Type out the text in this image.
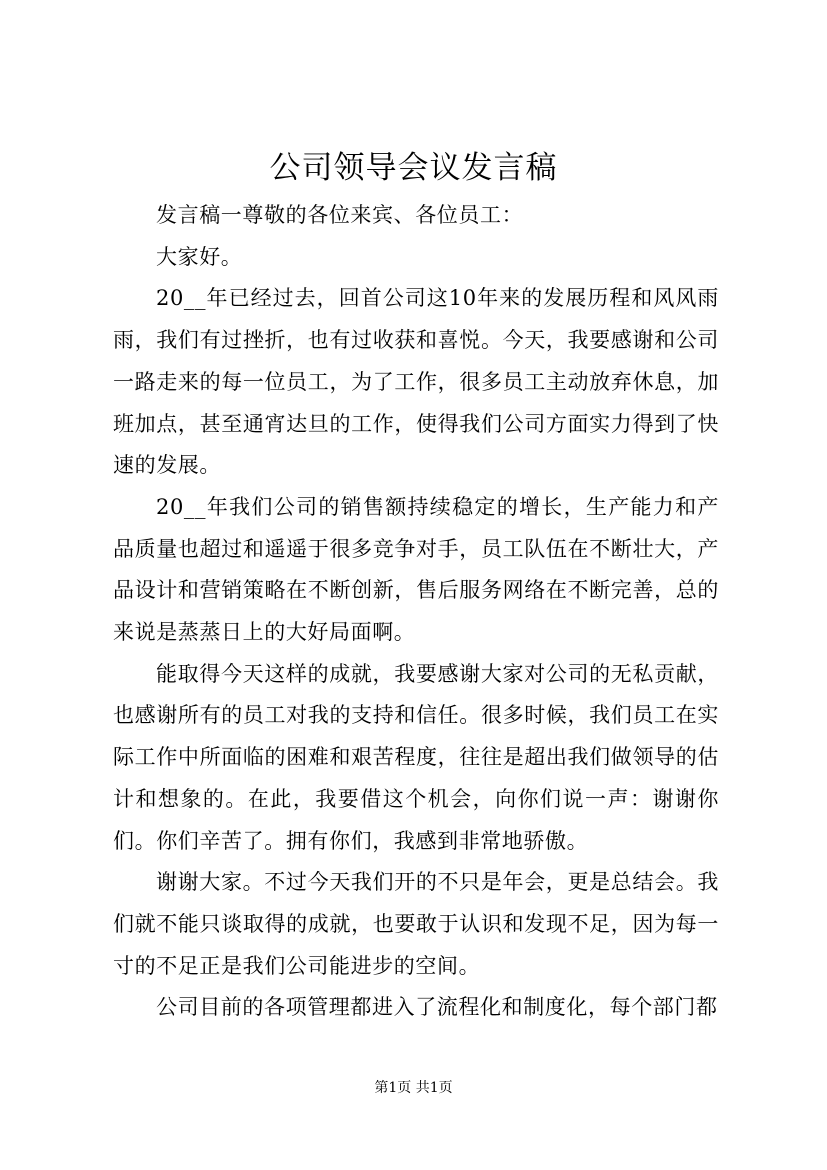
公司领导会议发言稿

发言稿一尊敬的各位来宾、各位员工：

大家好。

20__年已经过去，回首公司这10年来的发展历程和风风雨雨，我们有过挫折，也有过收获和喜悦。今天，我要感谢和公司一路走来的每一位员工，为了工作，很多员工主动放弃休息，加班加点，甚至通宵达旦的工作，使得我们公司方面实力得到了快速的发展。

20__年我们公司的销售额持续稳定的增长，生产能力和产品质量也超过和遥遥于很多竞争对手，员工队伍在不断壮大，产品设计和营销策略在不断创新，售后服务网络在不断完善，总的来说是蒸蒸日上的大好局面啊。

能取得今天这样的成就，我要感谢大家对公司的无私贡献，也感谢所有的员工对我的支持和信任。很多时候，我们员工在实际工作中所面临的困难和艰苦程度，往往是超出我们做领导的估计和想象的。在此，我要借这个机会，向你们说一声：谢谢你们。你们辛苦了。拥有你们，我感到非常地骄傲。

谢谢大家。不过今天我们开的不只是年会，更是总结会。我们就不能只谈取得的成就，也要敢于认识和发现不足，因为每一寸的不足正是我们公司能进步的空间。

公司目前的各项管理都进入了流程化和制度化，每个部门都

第1页 共1页
